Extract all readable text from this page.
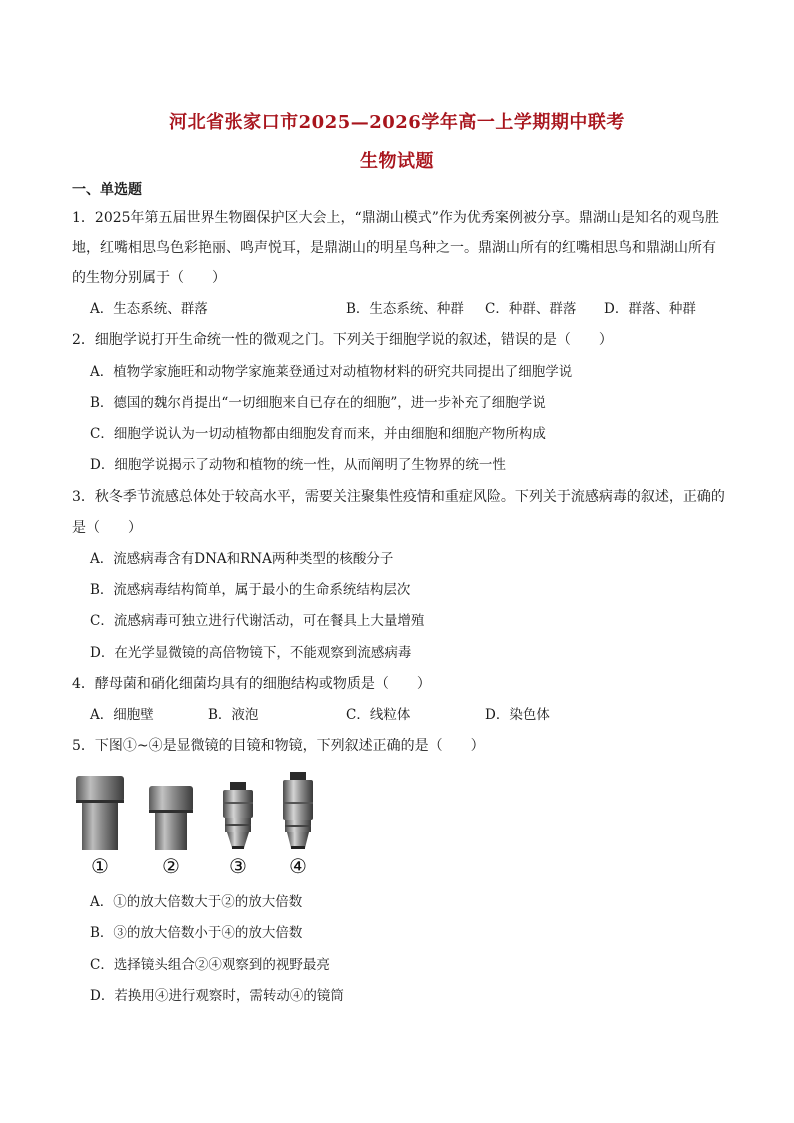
河北省张家口市2025—2026学年高一上学期期中联考
生物试题
一、单选题
1．2025年第五届世界生物圈保护区大会上，“鼎湖山模式”作为优秀案例被分享。鼎湖山是知名的观鸟胜
地，红嘴相思鸟色彩艳丽、鸣声悦耳，是鼎湖山的明星鸟种之一。鼎湖山所有的红嘴相思鸟和鼎湖山所有
的生物分别属于（　　）
A．生态系统、群落	B．生态系统、种群 C．种群、群落 D．群落、种群
2．细胞学说打开生命统一性的微观之门。下列关于细胞学说的叙述，错误的是（　　）
A．植物学家施旺和动物学家施莱登通过对动植物材料的研究共同提出了细胞学说
B．德国的魏尔肖提出“一切细胞来自已存在的细胞”，进一步补充了细胞学说
C．细胞学说认为一切动植物都由细胞发育而来，并由细胞和细胞产物所构成
D．细胞学说揭示了动物和植物的统一性，从而阐明了生物界的统一性
3．秋冬季节流感总体处于较高水平，需要关注聚集性疫情和重症风险。下列关于流感病毒的叙述，正确的
是（　　）
A．流感病毒含有DNA和RNA两种类型的核酸分子
B．流感病毒结构简单，属于最小的生命系统结构层次
C．流感病毒可独立进行代谢活动，可在餐具上大量增殖
D．在光学显微镜的高倍物镜下，不能观察到流感病毒
4．酵母菌和硝化细菌均具有的细胞结构或物质是（　　）
A．细胞壁	B．液泡	C．线粒体	D．染色体
5．下图①~④是显微镜的目镜和物镜，下列叙述正确的是（　　）
①	② ③ ④
A．①的放大倍数大于②的放大倍数
B．③的放大倍数小于④的放大倍数
C．选择镜头组合②④观察到的视野最亮
D．若换用④进行观察时，需转动④的镜筒
